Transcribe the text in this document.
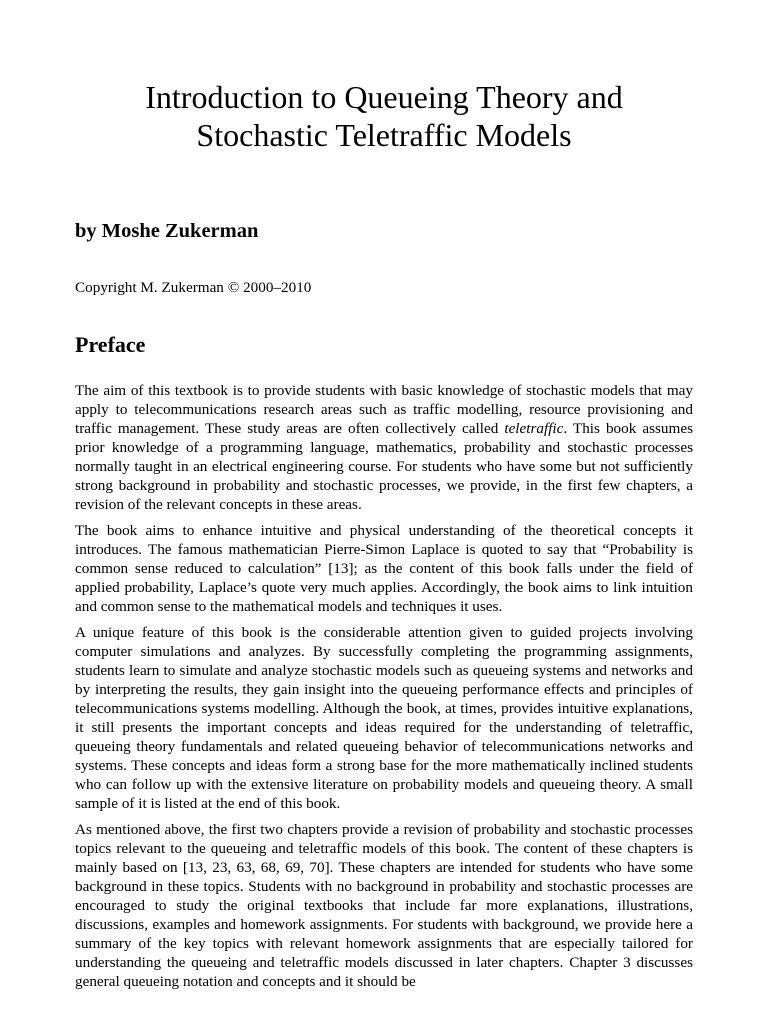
Introduction to Queueing Theory and
Stochastic Teletraffic Models

by Moshe Zukerman

Copyright M. Zukerman © 2000–2010

Preface

The aim of this textbook is to provide students with basic knowledge of stochastic models that may apply to telecommunications research areas such as traffic modelling, resource provisioning and traffic management. These study areas are often collectively called teletraffic. This book assumes prior knowledge of a programming language, mathematics, probability and stochastic processes normally taught in an electrical engineering course. For students who have some but not sufficiently strong background in probability and stochastic processes, we provide, in the first few chapters, a revision of the relevant concepts in these areas.

The book aims to enhance intuitive and physical understanding of the theoretical concepts it introduces. The famous mathematician Pierre-Simon Laplace is quoted to say that “Probability is common sense reduced to calculation” [13]; as the content of this book falls under the field of applied probability, Laplace’s quote very much applies. Accordingly, the book aims to link intuition and common sense to the mathematical models and techniques it uses.

A unique feature of this book is the considerable attention given to guided projects involving computer simulations and analyzes. By successfully completing the programming assignments, students learn to simulate and analyze stochastic models such as queueing systems and networks and by interpreting the results, they gain insight into the queueing performance effects and principles of telecommunications systems modelling. Although the book, at times, provides intuitive explanations, it still presents the important concepts and ideas required for the understanding of teletraffic, queueing theory fundamentals and related queueing behavior of telecommunications networks and systems. These concepts and ideas form a strong base for the more mathematically inclined students who can follow up with the extensive literature on probability models and queueing theory. A small sample of it is listed at the end of this book.

As mentioned above, the first two chapters provide a revision of probability and stochastic processes topics relevant to the queueing and teletraffic models of this book. The content of these chapters is mainly based on [13, 23, 63, 68, 69, 70]. These chapters are intended for students who have some background in these topics. Students with no background in probability and stochastic processes are encouraged to study the original textbooks that include far more explanations, illustrations, discussions, examples and homework assignments. For students with background, we provide here a summary of the key topics with relevant homework assignments that are especially tailored for understanding the queueing and teletraffic models discussed in later chapters. Chapter 3 discusses general queueing notation and concepts and it should be
